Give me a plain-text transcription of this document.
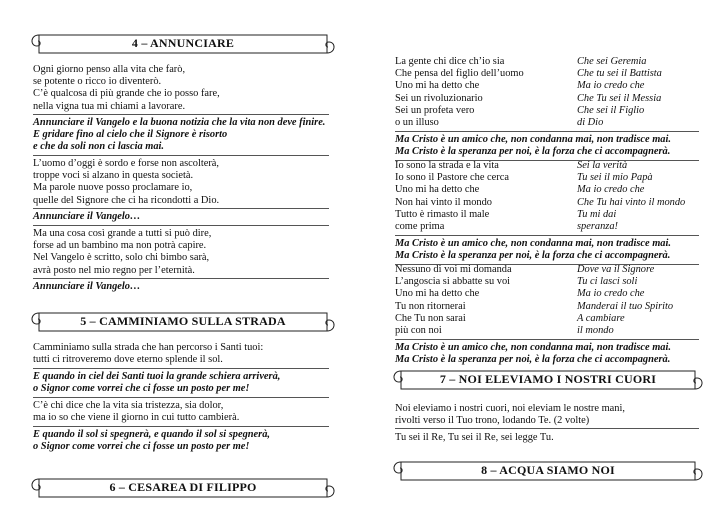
4 – ANNUNCIARE
Ogni giorno penso alla vita che farò,
se potente o ricco io diventerò.
C’è qualcosa di più grande che io posso fare,
nella vigna tua mi chiami a lavorare.
Annunciare il Vangelo e la buona notizia che la vita non deve finire.
E gridare fino al cielo che il Signore è risorto
e che da soli non ci lascia mai.
L’uomo d’oggi è sordo e forse non ascolterà,
troppe voci si alzano in questa società.
Ma parole nuove posso proclamare io,
quelle del Signore che ci ha ricondotti a Dio.
Annunciare il Vangelo…
Ma una cosa così grande a tutti si può dire,
forse ad un bambino ma non potrà capire.
Nel Vangelo è scritto, solo chi bimbo sarà,
avrà posto nel mio regno per l’eternità.
Annunciare il Vangelo…
5 – CAMMINIAMO SULLA STRADA
Camminiamo sulla strada che han percorso i Santi tuoi:
tutti ci ritroveremo dove eterno splende il sol.
E quando in ciel dei Santi tuoi la grande schiera arriverà,
o Signor come vorrei che ci fosse un posto per me!
C’è chi dice che la vita sia tristezza, sia dolor,
ma io so che viene il giorno in cui tutto cambierà.
E quando il sol si spegnerà, e quando il sol si spegnerà,
o Signor come vorrei che ci fosse un posto per me!
6 – CESAREA DI FILIPPO
La gente chi dice ch’io sia	Che sei Geremia
Che pensa del figlio dell’uomo	Che tu sei il Battista
Uno mi ha detto che	Ma io credo che
Sei un rivoluzionario	Che Tu sei il Messia
Sei un profeta vero	Che sei il Figlio
o un illuso	di Dio
Ma Cristo è un amico che, non condanna mai, non tradisce mai.
Ma Cristo è la speranza per noi, è la forza che ci accompagnerà.
Io sono la strada e la vita	Sei la verità
Io sono il Pastore che cerca	Tu sei il mio Papà
Uno mi ha detto che	Ma io credo che
Non hai vinto il mondo	Che Tu hai vinto il mondo
Tutto è rimasto il male	Tu mi dai
come prima	speranza!
Ma Cristo è un amico che, non condanna mai, non tradisce mai.
Ma Cristo è la speranza per noi, è la forza che ci accompagnerà.
Nessuno di voi mi domanda	Dove va il Signore
L’angoscia si abbatte su voi	Tu ci lasci soli
Uno mi ha detto che	Ma io credo che
Tu non ritornerai	Manderai il tuo Spirito
Che Tu non sarai	A cambiare
più con noi	il mondo
Ma Cristo è un amico che, non condanna mai, non tradisce mai.
Ma Cristo è la speranza per noi, è la forza che ci accompagnerà.
7 – NOI ELEVIAMO I NOSTRI CUORI
Noi eleviamo i nostri cuori, noi eleviam le nostre mani,
rivolti verso il Tuo trono, lodando Te. (2 volte)
Tu sei il Re, Tu sei il Re, sei legge Tu.
8 – ACQUA SIAMO NOI
